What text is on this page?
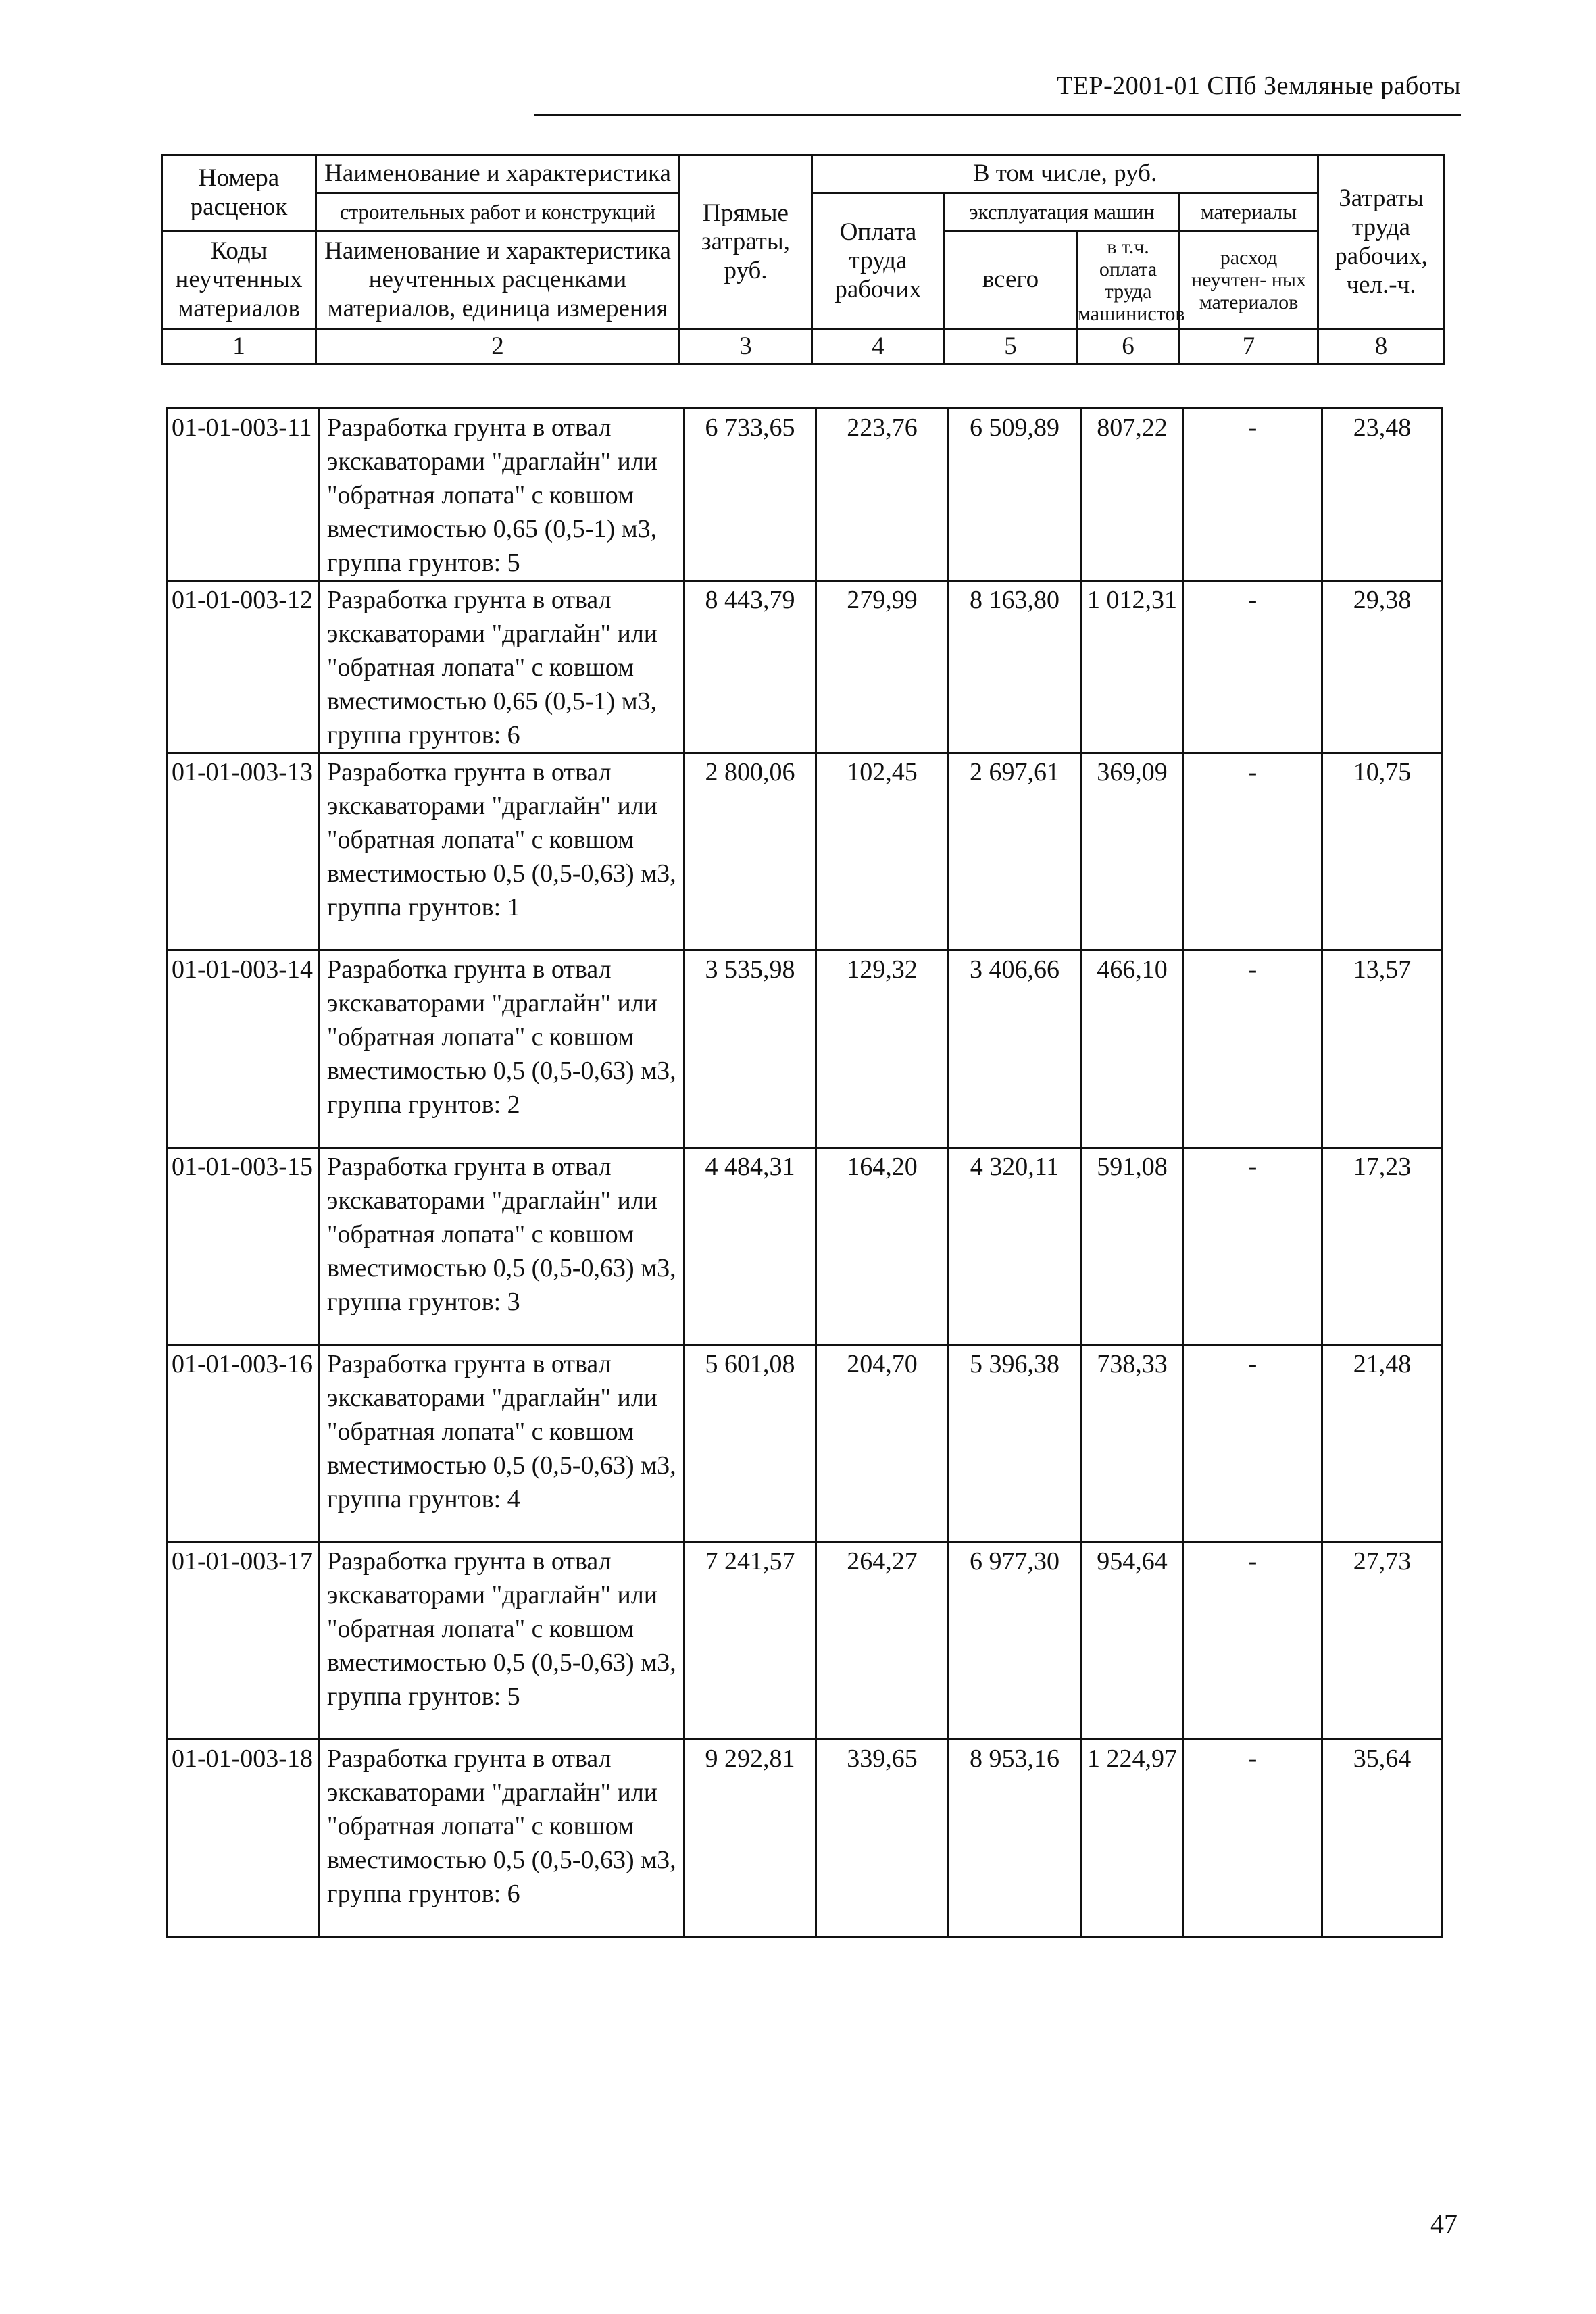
ТЕР-2001-01 СПб Земляные работы
Номера расценок	Наименование и характеристика	Прямые затраты, руб.	В том числе, руб.				Затраты труда рабочих, чел.-ч.
	строительных работ и конструкций		Оплата труда рабочих	эксплуатация машин		материалы	
Коды неучтенных материалов	Наименование и характеристика неучтенных расценками материалов, единица измерения			всего	в т.ч. оплата труда машинистов	расход неучтен- ных материалов	

1	2	3	4	5	6	7	8
01-01-003-11	Разработка грунта в отвал экскаваторами "драглайн" или "обратная лопата" с ковшом вместимостью 0,65 (0,5-1) м3, группа грунтов: 5	6 733,65	223,76	6 509,89	807,22	-	23,48
01-01-003-12	Разработка грунта в отвал экскаваторами "драглайн" или "обратная лопата" с ковшом вместимостью 0,65 (0,5-1) м3, группа грунтов: 6	8 443,79	279,99	8 163,80	1 012,31	-	29,38
01-01-003-13	Разработка грунта в отвал экскаваторами "драглайн" или "обратная лопата" с ковшом вместимостью 0,5 (0,5-0,63) м3, группа грунтов: 1	2 800,06	102,45	2 697,61	369,09	-	10,75
01-01-003-14	Разработка грунта в отвал экскаваторами "драглайн" или "обратная лопата" с ковшом вместимостью 0,5 (0,5-0,63) м3, группа грунтов: 2	3 535,98	129,32	3 406,66	466,10	-	13,57
01-01-003-15	Разработка грунта в отвал экскаваторами "драглайн" или "обратная лопата" с ковшом вместимостью 0,5 (0,5-0,63) м3, группа грунтов: 3	4 484,31	164,20	4 320,11	591,08	-	17,23
01-01-003-16	Разработка грунта в отвал экскаваторами "драглайн" или "обратная лопата" с ковшом вместимостью 0,5 (0,5-0,63) м3, группа грунтов: 4	5 601,08	204,70	5 396,38	738,33	-	21,48
01-01-003-17	Разработка грунта в отвал экскаваторами "драглайн" или "обратная лопата" с ковшом вместимостью 0,5 (0,5-0,63) м3, группа грунтов: 5	7 241,57	264,27	6 977,30	954,64	-	27,73
01-01-003-18	Разработка грунта в отвал экскаваторами "драглайн" или "обратная лопата" с ковшом вместимостью 0,5 (0,5-0,63) м3, группа грунтов: 6	9 292,81	339,65	8 953,16	1 224,97	-	35,64
47
